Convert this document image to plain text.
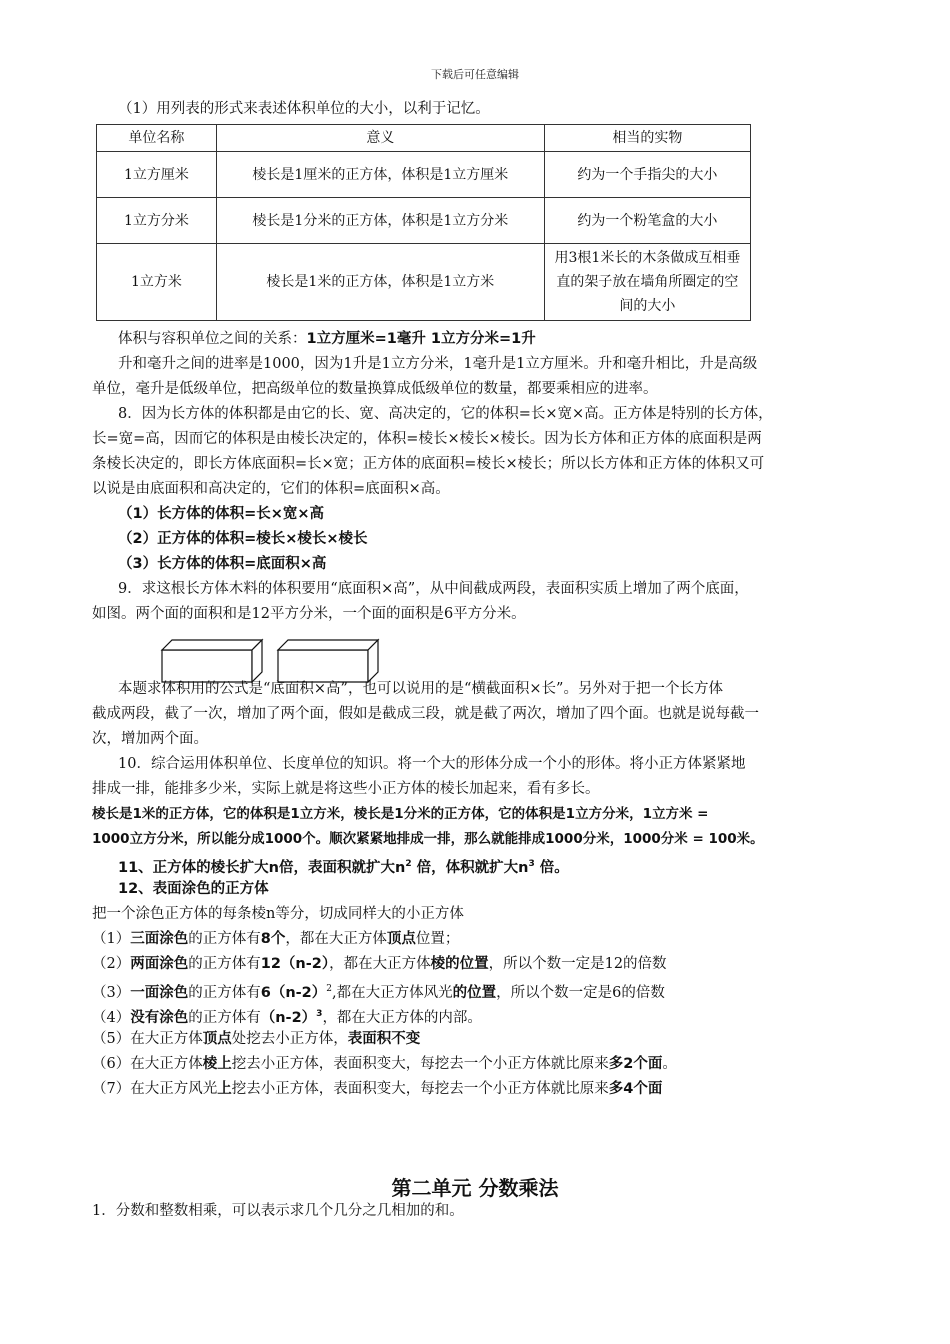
下载后可任意编辑
（1）用列表的形式来表述体积单位的大小，以利于记忆。
单位名称	意义	相当的实物
1立方厘米	棱长是1厘米的正方体，体积是1立方厘米	约为一个手指尖的大小
1立方分米	棱长是1分米的正方体，体积是1立方分米	约为一个粉笔盒的大小
1立方米	棱长是1米的正方体，体积是1立方米	用3根1米长的木条做成互相垂直的架子放在墙角所圈定的空间的大小
体积与容积单位之间的关系：1立方厘米=1毫升 1立方分米=1升
升和毫升之间的进率是1000，因为1升是1立方分米，1毫升是1立方厘米。升和毫升相比，升是高级
单位，毫升是低级单位，把高级单位的数量换算成低级单位的数量，都要乘相应的进率。
8．因为长方体的体积都是由它的长、宽、高决定的，它的体积=长×宽×高。正方体是特别的长方体，
长=宽=高，因而它的体积是由棱长决定的，体积=棱长×棱长×棱长。因为长方体和正方体的底面积是两
条棱长决定的，即长方体底面积=长×宽；正方体的底面积=棱长×棱长；所以长方体和正方体的体积又可
以说是由底面积和高决定的，它们的体积=底面积×高。
（1）长方体的体积=长×宽×高
（2）正方体的体积=棱长×棱长×棱长
（3）长方体的体积=底面积×高
9．求这根长方体木料的体积要用“底面积×高”，从中间截成两段，表面积实质上增加了两个底面，
如图。两个面的面积和是12平方分米，一个面的面积是6平方分米。
本题求体积用的公式是“底面积×高”，也可以说用的是“横截面积×长”。另外对于把一个长方体
截成两段，截了一次，增加了两个面，假如是截成三段，就是截了两次，增加了四个面。也就是说每截一
次，增加两个面。
10．综合运用体积单位、长度单位的知识。将一个大的形体分成一个小的形体。将小正方体紧紧地
排成一排，能排多少米，实际上就是将这些小正方体的棱长加起来，看有多长。
棱长是1米的正方体，它的体积是1立方米，棱长是1分米的正方体，它的体积是1立方分米，1立方米 =
1000立方分米，所以能分成1000个。顺次紧紧地排成一排，那么就能排成1000分米，1000分米 = 100米。
11、正方体的棱长扩大n倍，表面积就扩大$n^2$ 倍，体积就扩大$n^3$ 倍。
12、表面涂色的正方体
把一个涂色正方体的每条棱n等分，切成同样大的小正方体
（1）三面涂色的正方体有8个，都在大正方体顶点位置；
（2）两面涂色的正方体有12（n-2），都在大正方体棱的位置，所以个数一定是12的倍数
（3）一面涂色的正方体有$6(n-2)^2$,都在大正方体风光的位置，所以个数一定是6的倍数
（4）没有涂色的正方体有$(n-2)^3$，都在大正方体的内部。
（5）在大正方体顶点处挖去小正方体，表面积不变
（6）在大正方体棱上挖去小正方体，表面积变大，每挖去一个小正方体就比原来多2个面。
（7）在大正方风光上挖去小正方体，表面积变大，每挖去一个小正方体就比原来多4个面
第二单元 分数乘法
1．分数和整数相乘，可以表示求几个几分之几相加的和。
